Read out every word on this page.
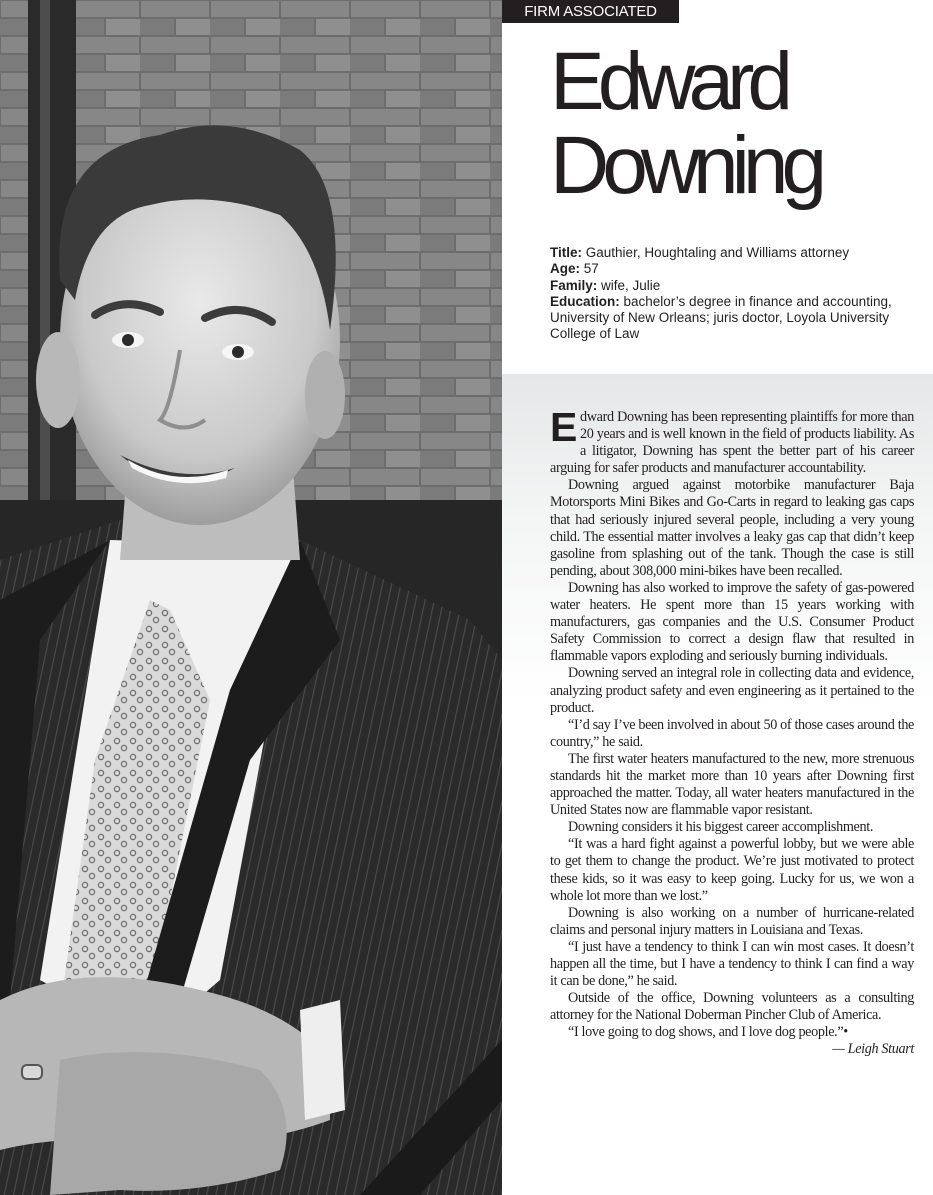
FIRM ASSOCIATED
Edward
Downing

Title: Gauthier, Houghtaling and Williams attorney

Age: 57

Family: wife, Julie

Education: bachelor’s degree in finance and accounting, University of New Orleans; juris doctor, Loyola University College of Law

Edward Downing has been representing plaintiffs for more than 20 years and is well known in the field of products liability. As a litigator, Downing has spent the better part of his career arguing for safer products and manufacturer accountability.

Downing argued against motorbike manufacturer Baja Motorsports Mini Bikes and Go-Carts in regard to leaking gas caps that had seriously injured several people, including a very young child. The essential matter involves a leaky gas cap that didn’t keep gasoline from splashing out of the tank. Though the case is still pending, about 308,000 mini-bikes have been recalled.

Downing has also worked to improve the safety of gas-powered water heaters. He spent more than 15 years working with manufacturers, gas companies and the U.S. Consumer Product Safety Commission to correct a design flaw that resulted in flammable vapors exploding and seriously burning individuals.

Downing served an integral role in collecting data and evidence, analyzing product safety and even engineering as it pertained to the product.

“I’d say I’ve been involved in about 50 of those cases around the country,” he said.

The first water heaters manufactured to the new, more strenuous standards hit the market more than 10 years after Downing first approached the matter. Today, all water heaters manufactured in the United States now are flammable vapor resistant.

Downing considers it his biggest career accomplishment.

“It was a hard fight against a powerful lobby, but we were able to get them to change the product. We’re just motivated to protect these kids, so it was easy to keep going. Lucky for us, we won a whole lot more than we lost.”

Downing is also working on a number of hurricane-related claims and personal injury matters in Louisiana and Texas.

“I just have a tendency to think I can win most cases. It doesn’t happen all the time, but I have a tendency to think I can find a way it can be done,” he said.

Outside of the office, Downing volunteers as a consulting attorney for the National Doberman Pincher Club of America.

“I love going to dog shows, and I love dog people.”•

— Leigh Stuart
